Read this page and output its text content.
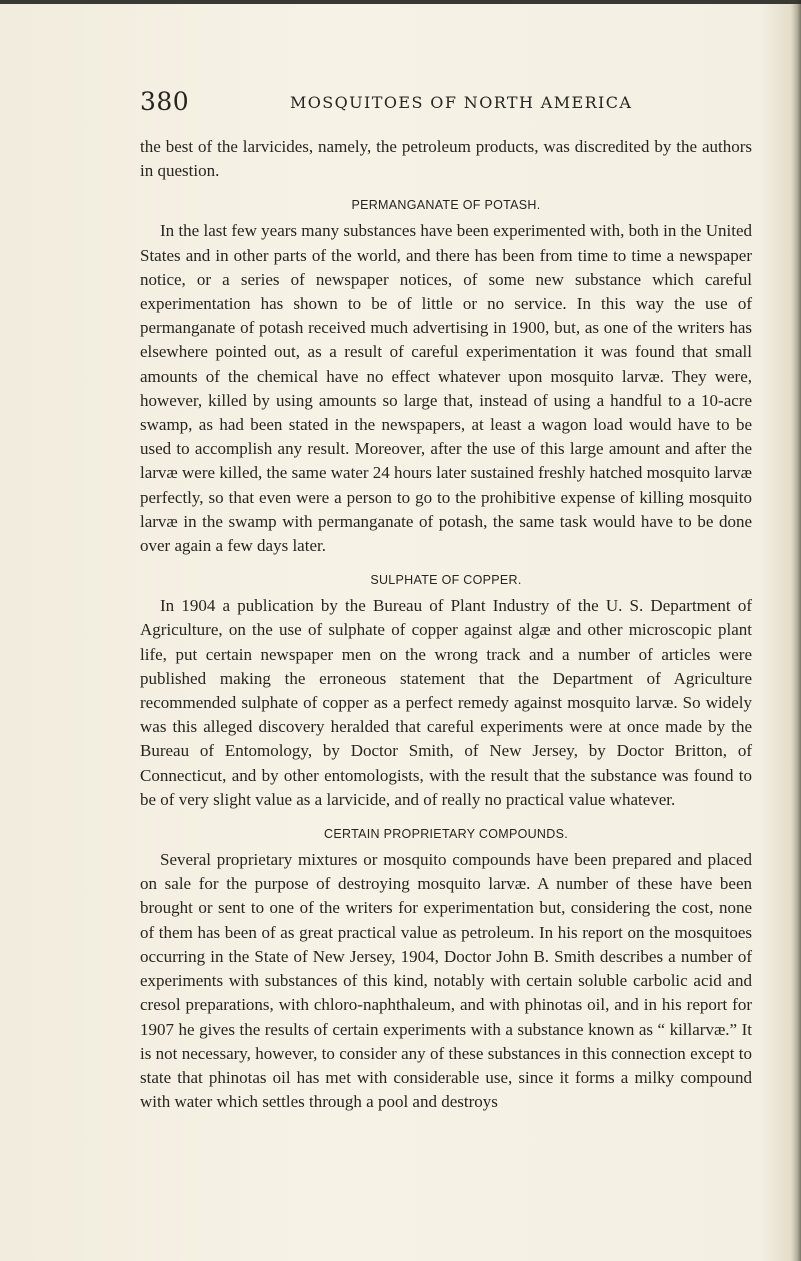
380	MOSQUITOES OF NORTH AMERICA

the best of the larvicides, namely, the petroleum products, was discredited by the authors in question.

PERMANGANATE OF POTASH.

In the last few years many substances have been experimented with, both in the United States and in other parts of the world, and there has been from time to time a newspaper notice, or a series of newspaper notices, of some new substance which careful experimentation has shown to be of little or no service. In this way the use of permanganate of potash received much advertising in 1900, but, as one of the writers has elsewhere pointed out, as a result of careful experimentation it was found that small amounts of the chemical have no effect whatever upon mosquito larvæ. They were, however, killed by using amounts so large that, instead of using a handful to a 10-acre swamp, as had been stated in the newspapers, at least a wagon load would have to be used to accomplish any result. Moreover, after the use of this large amount and after the larvæ were killed, the same water 24 hours later sustained freshly hatched mosquito larvæ perfectly, so that even were a person to go to the prohibitive expense of killing mosquito larvæ in the swamp with permanganate of potash, the same task would have to be done over again a few days later.

SULPHATE OF COPPER.

In 1904 a publication by the Bureau of Plant Industry of the U. S. Department of Agriculture, on the use of sulphate of copper against algæ and other microscopic plant life, put certain newspaper men on the wrong track and a number of articles were published making the erroneous statement that the Department of Agriculture recommended sulphate of copper as a perfect remedy against mosquito larvæ. So widely was this alleged discovery heralded that careful experiments were at once made by the Bureau of Entomology, by Doctor Smith, of New Jersey, by Doctor Britton, of Connecticut, and by other entomologists, with the result that the substance was found to be of very slight value as a larvicide, and of really no practical value whatever.

CERTAIN PROPRIETARY COMPOUNDS.

Several proprietary mixtures or mosquito compounds have been prepared and placed on sale for the purpose of destroying mosquito larvæ. A number of these have been brought or sent to one of the writers for experimentation but, considering the cost, none of them has been of as great practical value as petroleum. In his report on the mosquitoes occurring in the State of New Jersey, 1904, Doctor John B. Smith describes a number of experiments with substances of this kind, notably with certain soluble carbolic acid and cresol preparations, with chloro-naphthaleum, and with phinotas oil, and in his report for 1907 he gives the results of certain experiments with a substance known as “ killarvæ.” It is not necessary, however, to consider any of these substances in this connection except to state that phinotas oil has met with considerable use, since it forms a milky compound with water which settles through a pool and destroys
